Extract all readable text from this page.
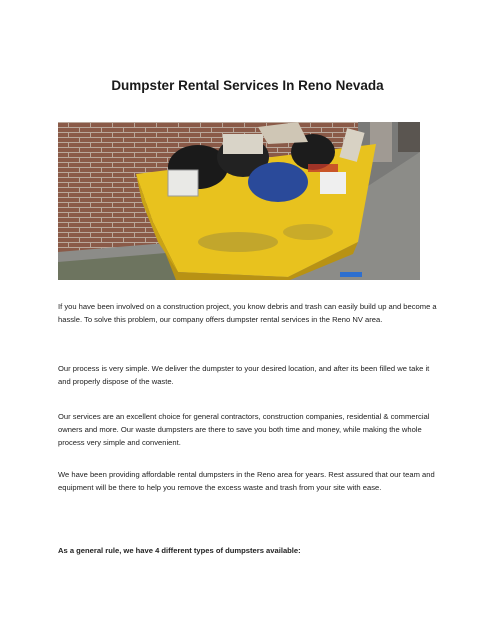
Dumpster Rental Services In Reno Nevada

If you have been involved on a construction project, you know debris and trash can easily build up and become a hassle. To solve this problem, our company offers dumpster rental services in the Reno NV area.

Our process is very simple. We deliver the dumpster to your desired location, and after its been filled we take it and properly dispose of the waste.

Our services are an excellent choice for general contractors, construction companies, residential & commercial owners and more. Our waste dumpsters are there to save you both time and money, while making the whole process very simple and convenient.

We have been providing affordable rental dumpsters in the Reno area for years. Rest assured that our team and equipment will be there to help you remove the excess waste and trash from your site with ease.

As a general rule, we have 4 different types of dumpsters available:
